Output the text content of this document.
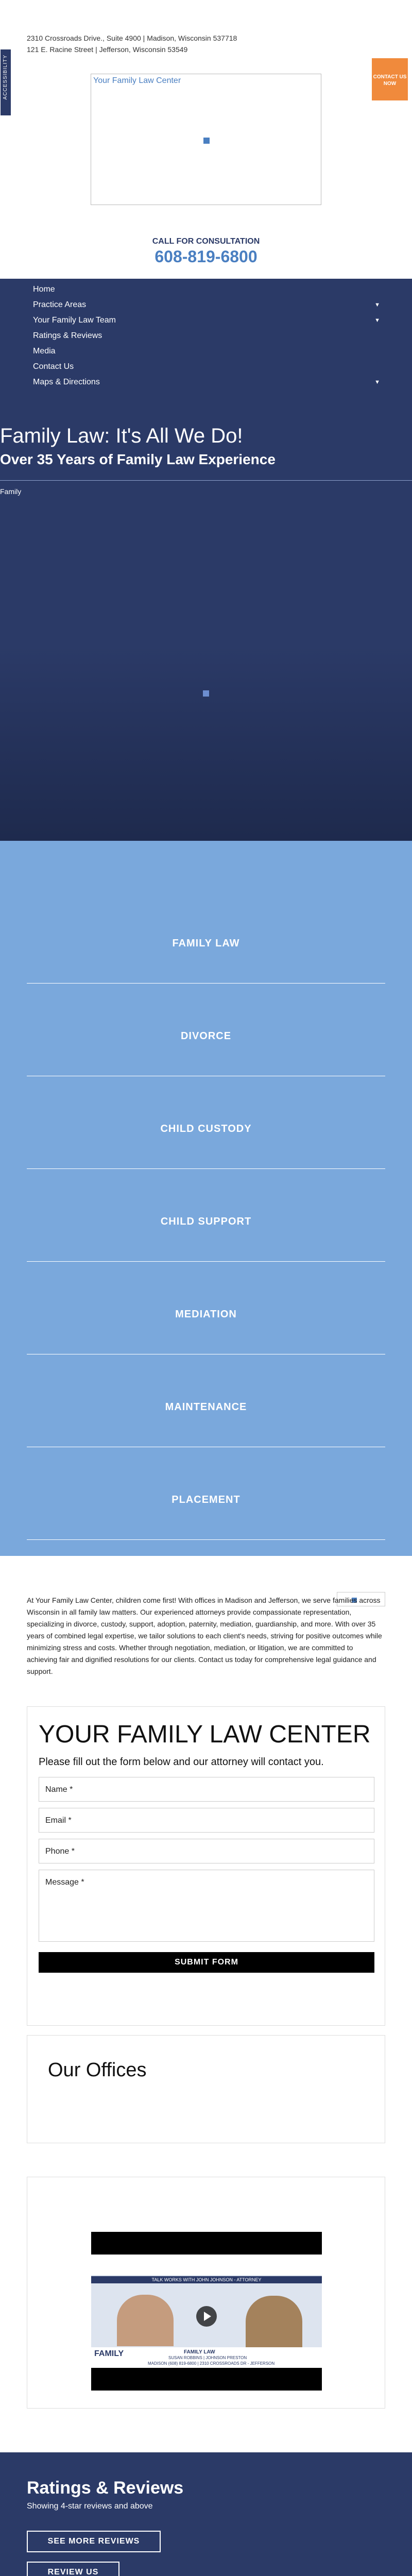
ACCESSIBILITY
2310 Crossroads Drive., Suite 4900 | Madison, Wisconsin 537718
121 E. Racine Street | Jefferson, Wisconsin 53549
Your Family Law Center	CONTACT US NOW
CALL FOR CONSULTATION
608-819-6800
Home
Practice Areas	▼
Your Family Law Team	▼
Ratings & Reviews
Media
Contact Us
Maps & Directions	▼
Family Law: It's All We Do!
Over 35 Years of Family Law Experience
Family
FAMILY LAW
DIVORCE
CHILD CUSTODY
CHILD SUPPORT
MEDIATION
MAINTENANCE
PLACEMENT
At Your Family Law Center, children come first! With offices in Madison and Jefferson, we serve families across Wisconsin in all family law matters. Our experienced attorneys provide compassionate representation, specializing in divorce, custody, support, adoption, paternity, mediation, guardianship, and more. With over 35 years of combined legal expertise, we tailor solutions to each client's needs, striving for positive outcomes while minimizing stress and costs. Whether through negotiation, mediation, or litigation, we are committed to achieving fair and dignified resolutions for our clients. Contact us today for comprehensive legal guidance and support.
YOUR FAMILY LAW CENTER
Please fill out the form below and our attorney will contact you.
Name *
Email *
Phone *
Message *
SUBMIT FORM
Our Offices
TALK WORKS WITH JOHN JOHNSON - ATTORNEY
FAMILY	FAMILY LAW
SUSAN ROBBINS | JOHNSON PRESTON
MADISON (608) 819-6800 | 2310 CROSSROADS DR - JEFFERSON
Ratings & Reviews
Showing 4-star reviews and above
SEE MORE REVIEWS
REVIEW US
